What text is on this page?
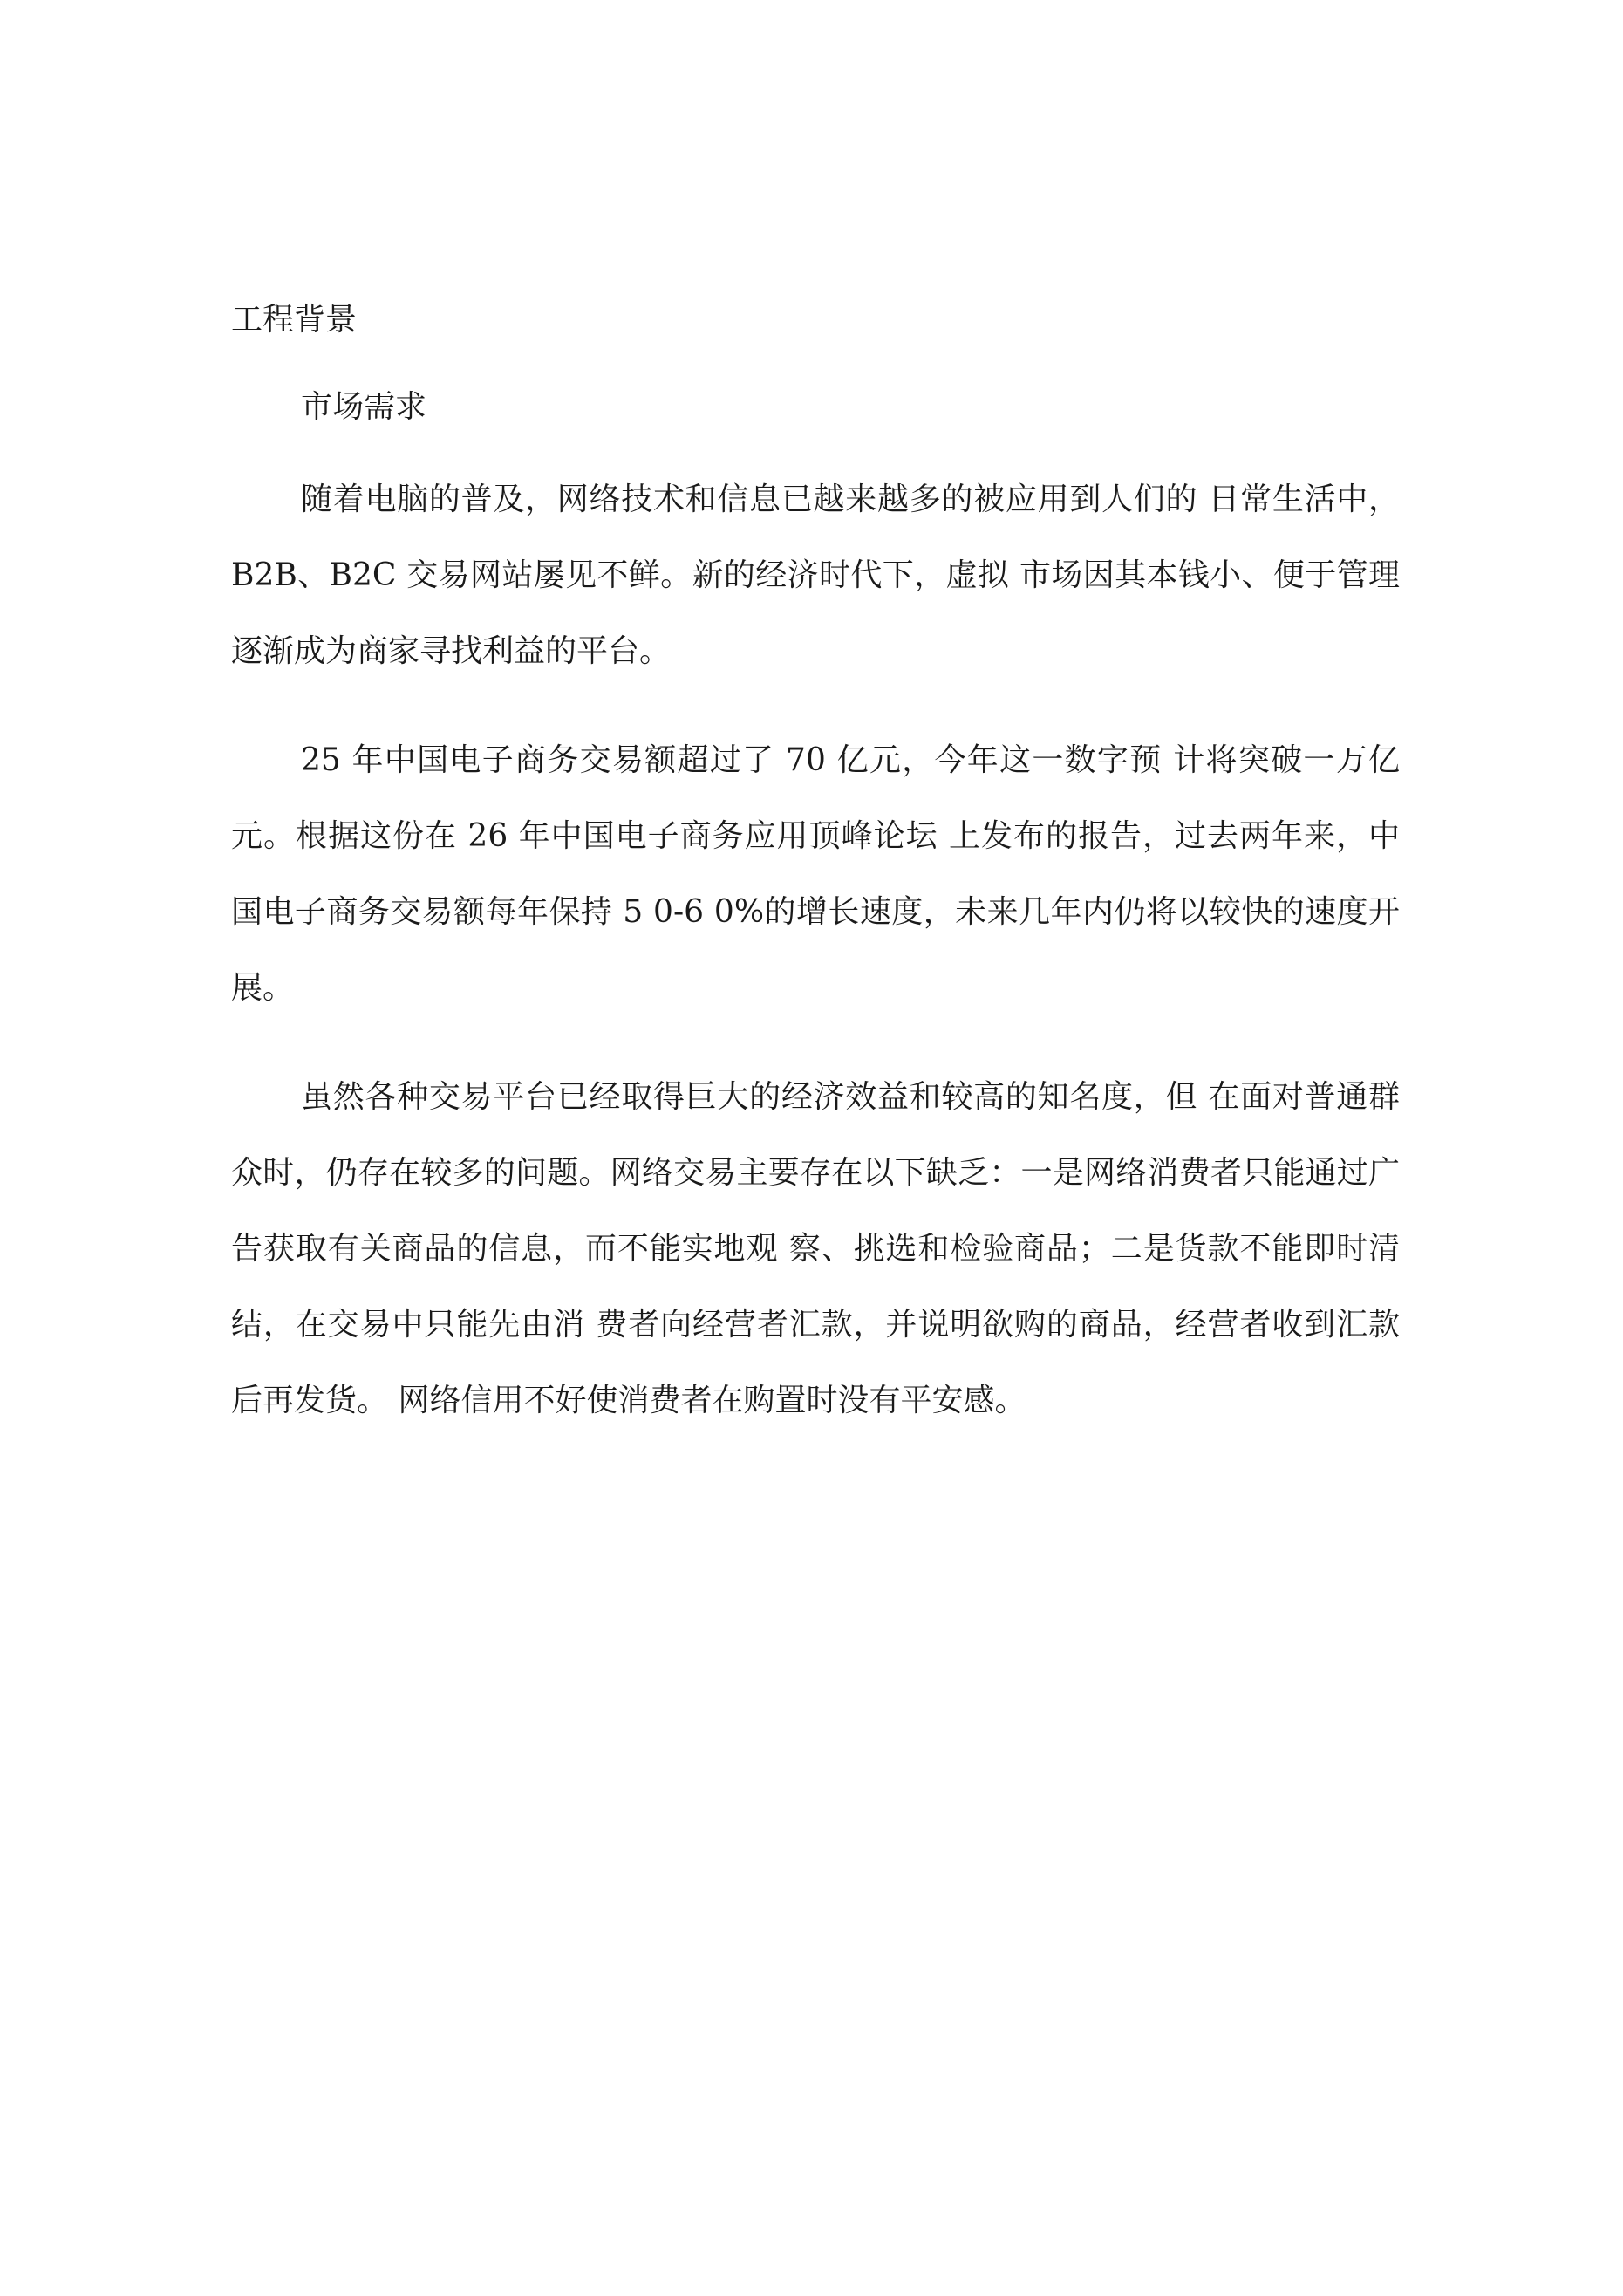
工程背景

市场需求

随着电脑的普及，网络技术和信息已越来越多的被应用到人们的 日常生活中，B2B、B2C 交易网站屡见不鲜。新的经济时代下，虚拟 市场因其本钱小、便于管理逐渐成为商家寻找利益的平台。

25 年中国电子商务交易额超过了 70 亿元，今年这一数字预 计将突破一万亿元。根据这份在 26 年中国电子商务应用顶峰论坛 上发布的报告，过去两年来，中国电子商务交易额每年保持 5 0-6 0%的增长速度，未来几年内仍将以较快的速度开展。

虽然各种交易平台已经取得巨大的经济效益和较高的知名度，但 在面对普通群众时，仍存在较多的问题。网络交易主要存在以下缺乏：一是网络消费者只能通过广告获取有关商品的信息，而不能实地观 察、挑选和检验商品；二是货款不能即时清结，在交易中只能先由消 费者向经营者汇款，并说明欲购的商品，经营者收到汇款后再发货。 网络信用不好使消费者在购置时没有平安感。
